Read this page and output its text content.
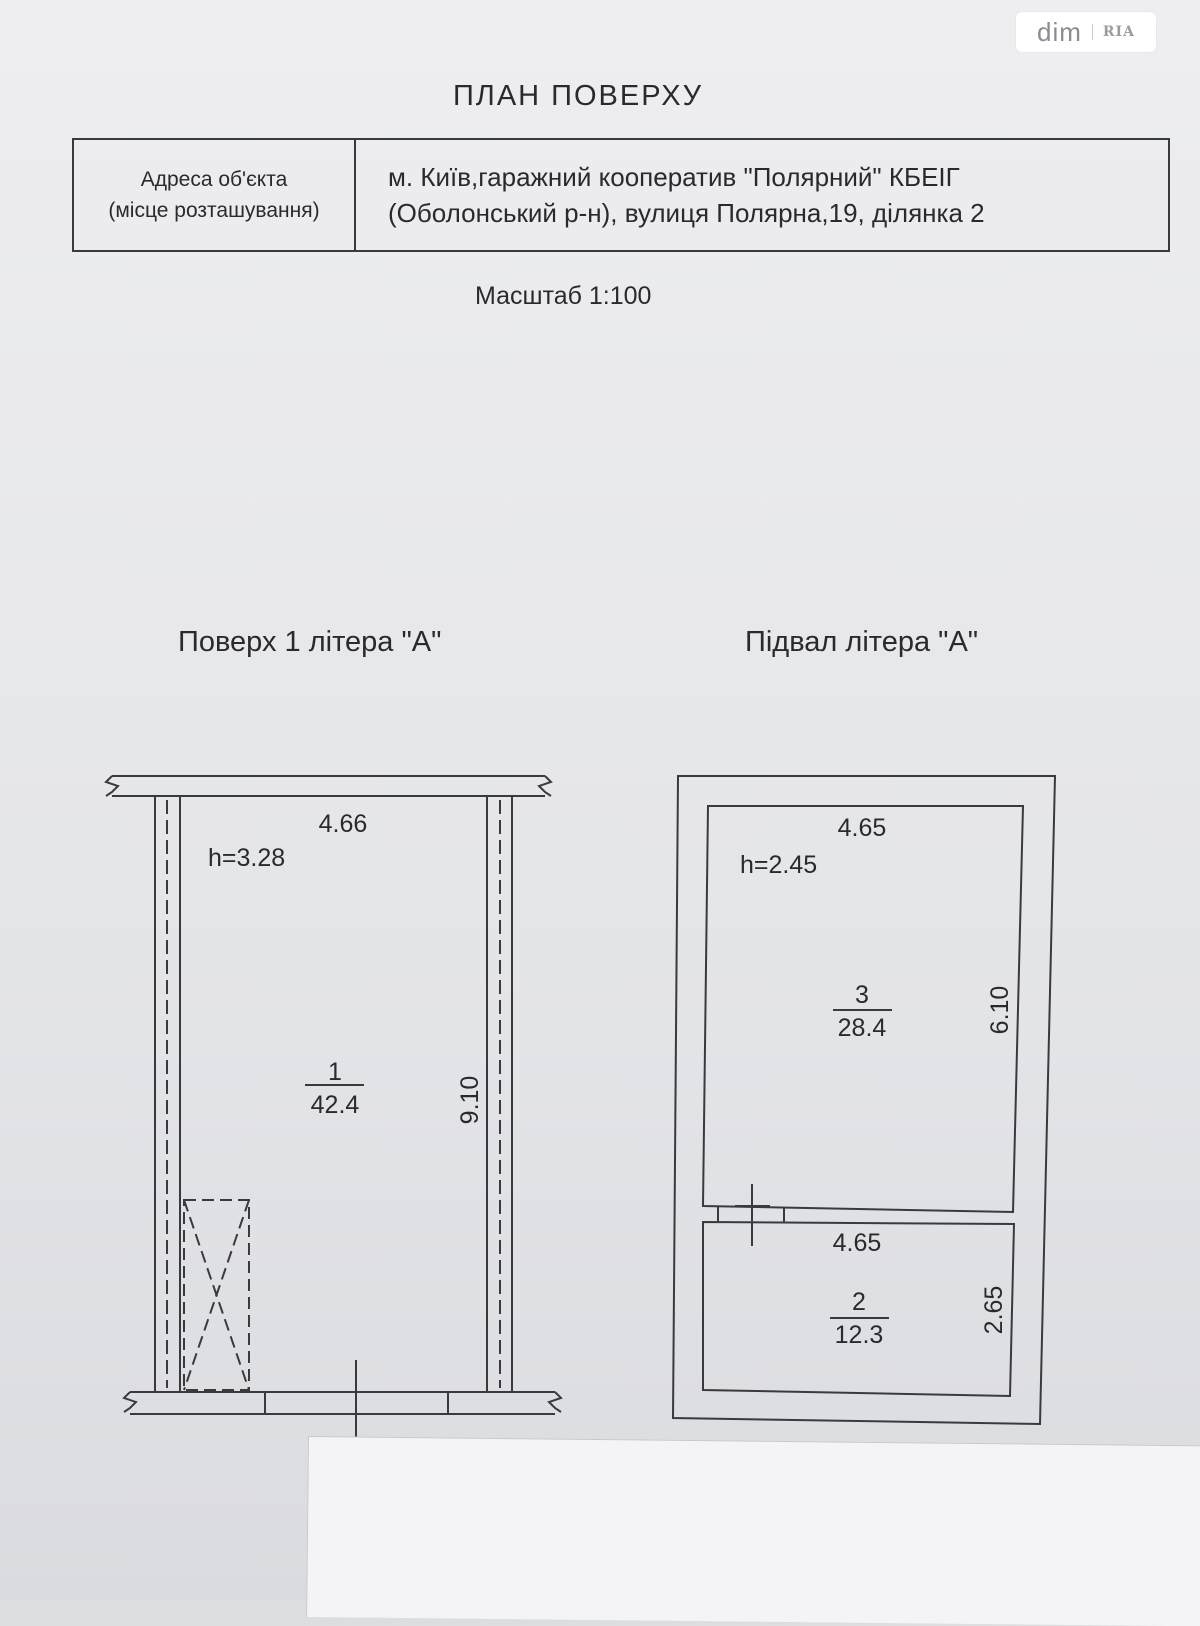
dim	RIA
ПЛАН ПОВЕРХУ
Адреса об'єкта
(місце розташування)

м. Київ,гаражний кооператив "Полярний" КБЕІГ
(Оболонський р-н), вулиця Полярна,19, ділянка 2
Масштаб 1:100
Поверх 1 літера "А"	Підвал літера "А"
4.66
h=3.28
1
42.4	9.10
4.65
h=2.45
3
28.4	6.10
4.65
2
12.3
2.65
